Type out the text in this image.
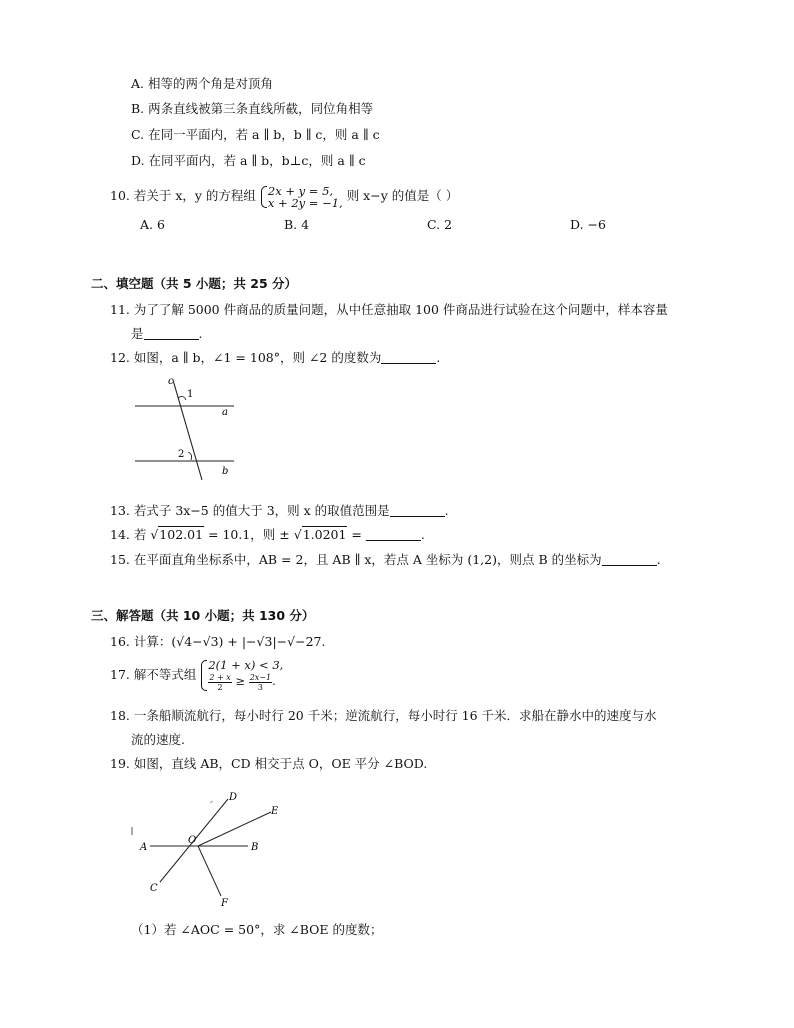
A. 相等的两个角是对顶角
B. 两条直线被第三条直线所截，同位角相等
C. 在同一平面内，若 a ∥ b，b ∥ c，则 a ∥ c
D. 在同平面内，若 a ∥ b，b⊥c，则 a ∥ c
10. 若关于 x，y 的方程组 2x + y = 5,
x + 2y = −1, 则 x−y 的值是（ ）
A. 6	B. 4	C. 2	D. −6
二、填空题（共 5 小题；共 25 分）
11. 为了了解 5000 件商品的质量问题，从中任意抽取 100 件商品进行试验在这个问题中，样本容量
是	.
12. 如图，a ∥ b，∠1 = 108°，则 ∠2 的度数为	.
c
1
2
a
b
13. 若式子 3x−5 的值大于 3，则 x 的取值范围是	.
14. 若 √102.01 = 10.1，则 ± √1.0201 =	.
15. 在平面直角坐标系中，AB = 2，且 AB ∥ x，若点 A 坐标为 (1,2)，则点 B 的坐标为	.
三、解答题（共 10 小题；共 130 分）
16. 计算：(√4−√3) + |−√3|−√−27.
17. 解不等式组
2(1 + x) < 3,
$\frac{2 + x}{2} \ge \frac{2x-1}{3}$ .
18. 一条船顺流航行，每小时行 20 千米；逆流航行，每小时行 16 千米．求船在静水中的速度与水
流的速度.
19. 如图，直线 AB，CD 相交于点 O，OE 平分 ∠BOD.
A	B
C
D
E
F
O
（1）若 ∠AOC = 50°，求 ∠BOE 的度数；
